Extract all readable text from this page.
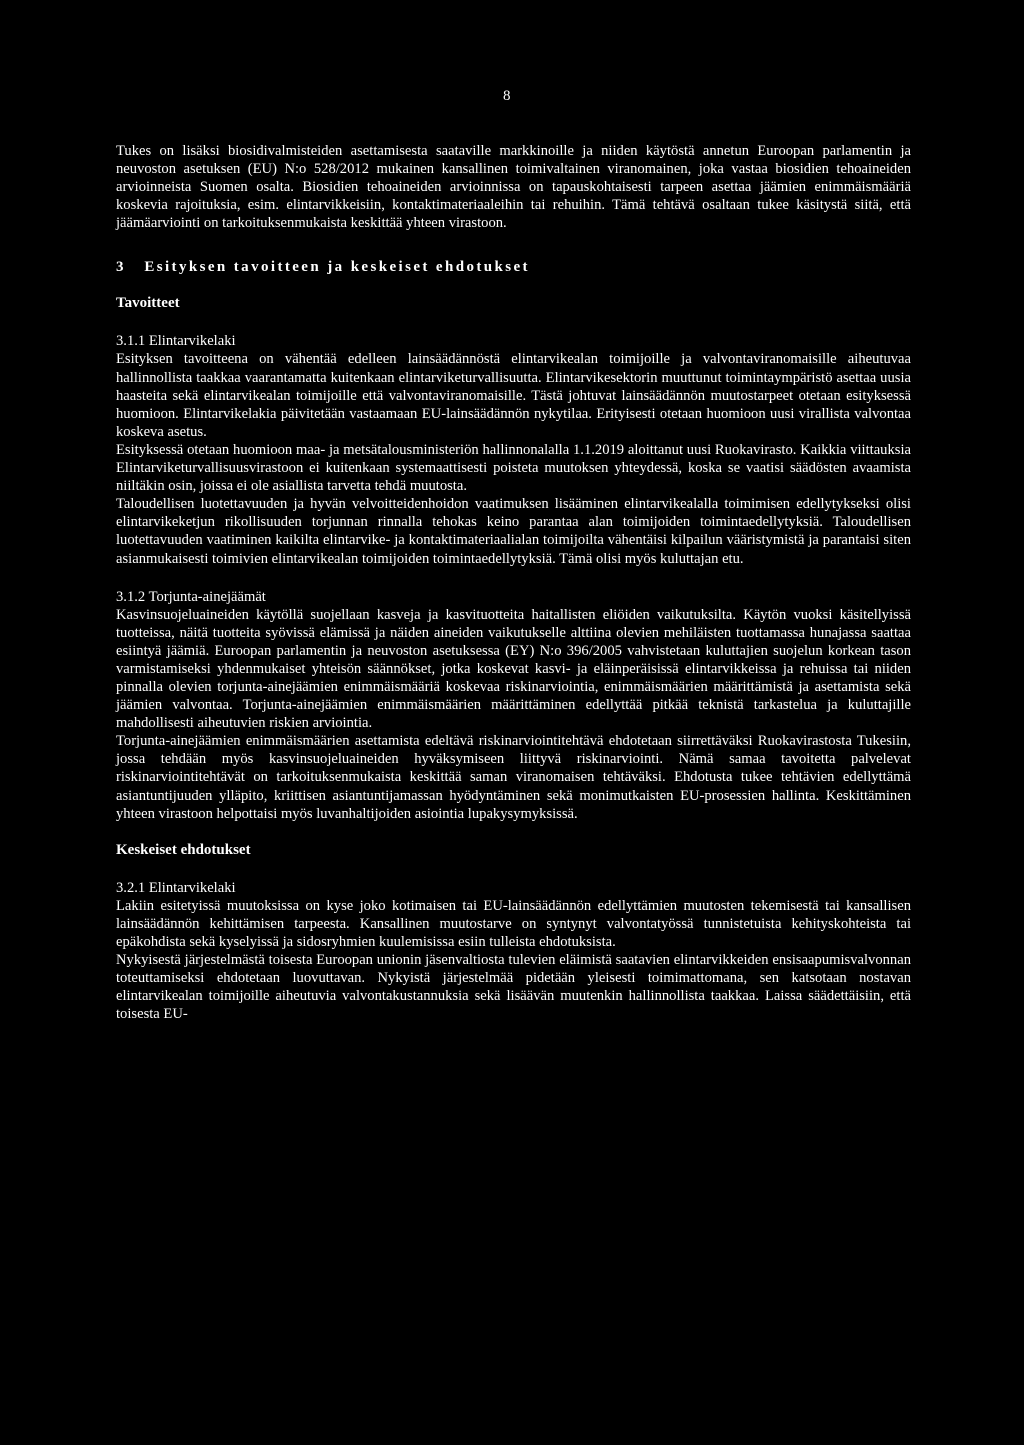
8

Tukes on lisäksi biosidivalmisteiden asettamisesta saataville markkinoille ja niiden käytöstä annetun Euroopan parlamentin ja neuvoston asetuksen (EU) N:o 528/2012 mukainen kansallinen toimivaltainen viranomainen, joka vastaa biosidien tehoaineiden arvioinneista Suomen osalta. Biosidien tehoaineiden arvioinnissa on tapauskohtaisesti tarpeen asettaa jäämien enimmäismääriä koskevia rajoituksia, esim. elintarvikkeisiin, kontaktimateriaaleihin tai rehuihin. Tämä tehtävä osaltaan tukee käsitystä siitä, että jäämäarviointi on tarkoituksenmukaista keskittää yhteen virastoon.

3   Esityksen tavoitteen ja keskeiset ehdotukset
Tavoitteet
3.1.1 Elintarvikelaki

Esityksen tavoitteena on vähentää edelleen lainsäädännöstä elintarvikealan toimijoille ja valvontaviranomaisille aiheutuvaa hallinnollista taakkaa vaarantamatta kuitenkaan elintarviketurvallisuutta. Elintarvikesektorin muuttunut toimintaympäristö asettaa uusia haasteita sekä elintarvikealan toimijoille että valvontaviranomaisille. Tästä johtuvat lainsäädännön muutostarpeet otetaan esityksessä huomioon. Elintarvikelakia päivitetään vastaamaan EU-lainsäädännön nykytilaa. Erityisesti otetaan huomioon uusi virallista valvontaa koskeva asetus.

Esityksessä otetaan huomioon maa- ja metsätalousministeriön hallinnonalalla 1.1.2019 aloittanut uusi Ruokavirasto. Kaikkia viittauksia Elintarviketurvallisuusvirastoon ei kuitenkaan systemaattisesti poisteta muutoksen yhteydessä, koska se vaatisi säädösten avaamista niiltäkin osin, joissa ei ole asiallista tarvetta tehdä muutosta.

Taloudellisen luotettavuuden ja hyvän velvoitteidenhoidon vaatimuksen lisääminen elintarvikealalla toimimisen edellytykseksi olisi elintarvikeketjun rikollisuuden torjunnan rinnalla tehokas keino parantaa alan toimijoiden toimintaedellytyksiä. Taloudellisen luotettavuuden vaatiminen kaikilta elintarvike- ja kontaktimateriaalialan toimijoilta vähentäisi kilpailun vääristymistä ja parantaisi siten asianmukaisesti toimivien elintarvikealan toimijoiden toimintaedellytyksiä. Tämä olisi myös kuluttajan etu.

3.1.2 Torjunta-ainejäämät

Kasvinsuojeluaineiden käytöllä suojellaan kasveja ja kasvituotteita haitallisten eliöiden vaikutuksilta. Käytön vuoksi käsitellyissä tuotteissa, näitä tuotteita syövissä elämissä ja näiden aineiden vaikutukselle alttiina olevien mehiläisten tuottamassa hunajassa saattaa esiintyä jäämiä. Euroopan parlamentin ja neuvoston asetuksessa (EY) N:o 396/2005 vahvistetaan kuluttajien suojelun korkean tason varmistamiseksi yhdenmukaiset yhteisön säännökset, jotka koskevat kasvi- ja eläinperäisissä elintarvikkeissa ja rehuissa tai niiden pinnalla olevien torjunta-ainejäämien enimmäismääriä koskevaa riskinarviointia, enimmäismäärien määrittämistä ja asettamista sekä jäämien valvontaa. Torjunta-ainejäämien enimmäismäärien määrittäminen edellyttää pitkää teknistä tarkastelua ja kuluttajille mahdollisesti aiheutuvien riskien arviointia.

Torjunta-ainejäämien enimmäismäärien asettamista edeltävä riskinarviointitehtävä ehdotetaan siirrettäväksi Ruokavirastosta Tukesiin, jossa tehdään myös kasvinsuojeluaineiden hyväksymiseen liittyvä riskinarviointi. Nämä samaa tavoitetta palvelevat riskinarviointitehtävät on tarkoituksenmukaista keskittää saman viranomaisen tehtäväksi. Ehdotusta tukee tehtävien edellyttämä asiantuntijuuden ylläpito, kriittisen asiantuntijamassan hyödyntäminen sekä monimutkaisten EU-prosessien hallinta. Keskittäminen yhteen virastoon helpottaisi myös luvanhaltijoiden asiointia lupakysymyksissä.

Keskeiset ehdotukset
3.2.1 Elintarvikelaki

Lakiin esitetyissä muutoksissa on kyse joko kotimaisen tai EU-lainsäädännön edellyttämien muutosten tekemisestä tai kansallisen lainsäädännön kehittämisen tarpeesta. Kansallinen muutostarve on syntynyt valvontatyössä tunnistetuista kehityskohteista tai epäkohdista sekä kyselyissä ja sidosryhmien kuulemisissa esiin tulleista ehdotuksista.

Nykyisestä järjestelmästä toisesta Euroopan unionin jäsenvaltiosta tulevien eläimistä saatavien elintarvikkeiden ensisaapumisvalvonnan toteuttamiseksi ehdotetaan luovuttavan. Nykyistä järjestelmää pidetään yleisesti toimimattomana, sen katsotaan nostavan elintarvikealan toimijoille aiheutuvia valvontakustannuksia sekä lisäävän muutenkin hallinnollista taakkaa. Laissa säädettäisiin, että toisesta EU-
